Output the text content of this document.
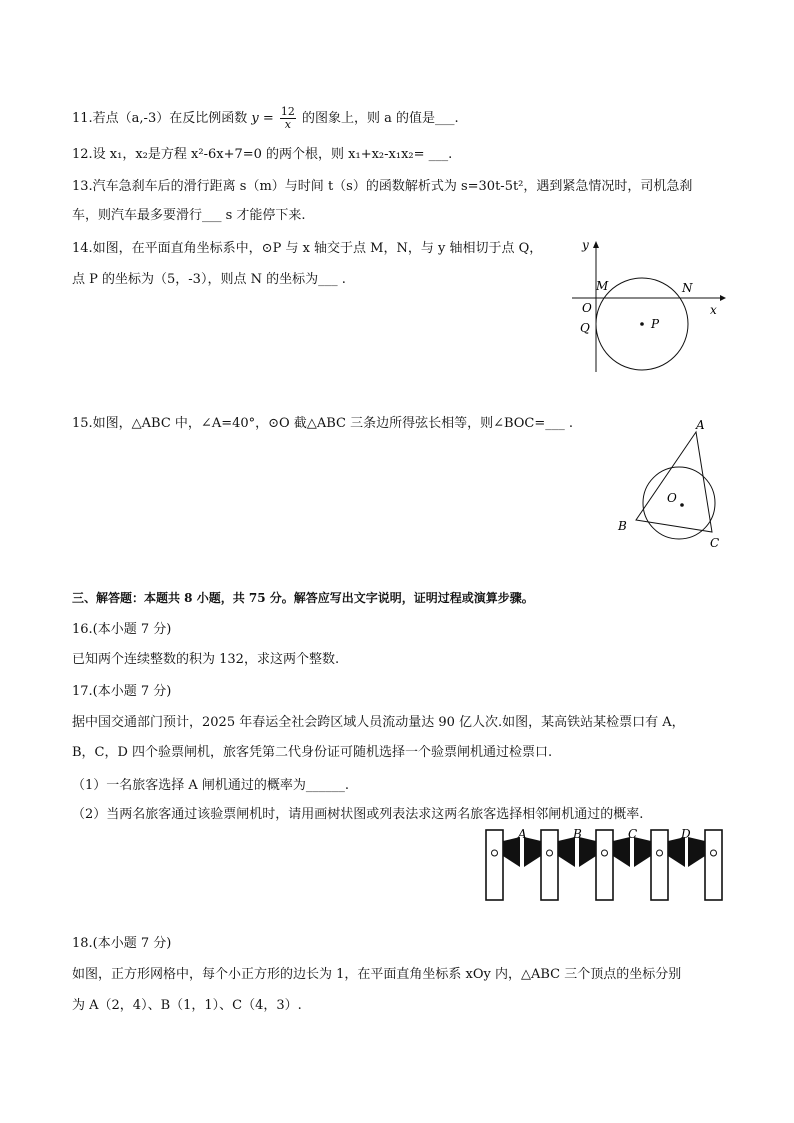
11.若点（a,-3）在反比例函数 $y = \frac{12}{x}$ 的图象上，则 a 的值是___.
12.设 x₁，x₂是方程 x²-6x+7=0 的两个根，则 x₁+x₂-x₁x₂= ___.
13.汽车急刹车后的滑行距离 s（m）与时间 t（s）的函数解析式为 s=30t-5t²，遇到紧急情况时，司机急刹
车，则汽车最多要滑行___ s 才能停下来.
14.如图，在平面直角坐标系中，⊙P 与 x 轴交于点 M，N，与 y 轴相切于点 Q，
点 P 的坐标为（5，-3），则点 N 的坐标为___ .
y
x
O
M	N
Q	P
15.如图，△ABC 中，∠A=40°，⊙O 截△ABC 三条边所得弦长相等，则∠BOC=___ .	A
B
C
O
三、解答题：本题共 8 小题，共 75 分。解答应写出文字说明，证明过程或演算步骤。
16.(本小题 7 分)
已知两个连续整数的积为 132，求这两个整数.
17.(本小题 7 分)
据中国交通部门预计，2025 年春运全社会跨区域人员流动量达 90 亿人次.如图，某高铁站某检票口有 A，
B，C，D 四个验票闸机，旅客凭第二代身份证可随机选择一个验票闸机通过检票口.
（1）一名旅客选择 A 闸机通过的概率为______.
（2）当两名旅客通过该验票闸机时，请用画树状图或列表法求这两名旅客选择相邻闸机通过的概率.
A	B	C	D
18.(本小题 7 分)
如图，正方形网格中，每个小正方形的边长为 1，在平面直角坐标系 xOy 内，△ABC 三个顶点的坐标分别
为 A（2，4）、B（1，1）、C（4，3）.
